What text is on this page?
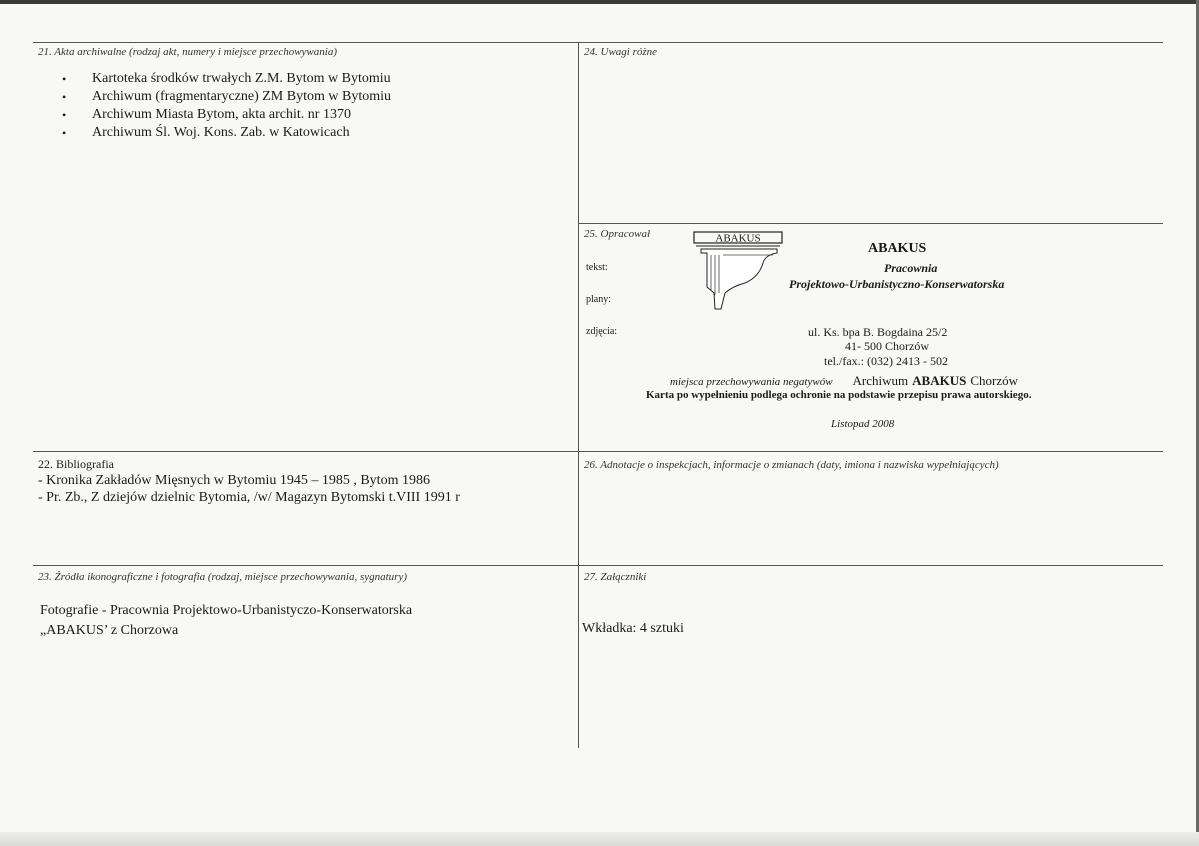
21. Akta archiwalne (rodzaj akt, numery i miejsce przechowywania)
• Kartoteka środków trwałych Z.M. Bytom w Bytomiu
• Archiwum (fragmentaryczne) ZM Bytom w Bytomiu
• Archiwum Miasta Bytom, akta archit. nr 1370
• Archiwum Śl. Woj. Kons. Zab. w Katowicach
24. Uwagi różne
25. Opracował
tekst:
plany:
zdjęcia:
ABAKUS
ABAKUS
Pracownia
Projektowo-Urbanistyczno-Konserwatorska
ul. Ks. bpa B. Bogdaina 25/2
41- 500 Chorzów
tel./fax.: (032) 2413 - 502
miejsca przechowywania negatywów Archiwum ABAKUS Chorzów
Karta po wypełnieniu podlega ochronie na podstawie przepisu prawa autorskiego.
Listopad 2008
22. Bibliografia
- Kronika Zakładów Mięsnych w Bytomiu 1945 – 1985 , Bytom 1986
- Pr. Zb., Z dziejów dzielnic Bytomia, /w/ Magazyn Bytomski t.VIII 1991 r
26. Adnotacje o inspekcjach, informacje o zmianach (daty, imiona i nazwiska wypełniających)
23. Źródła ikonograficzne i fotografia (rodzaj, miejsce przechowywania, sygnatury)
Fotografie - Pracownia Projektowo-Urbanistyczo-Konserwatorska
„ABAKUS’ z Chorzowa
27. Załączniki
Wkładka: 4 sztuki
